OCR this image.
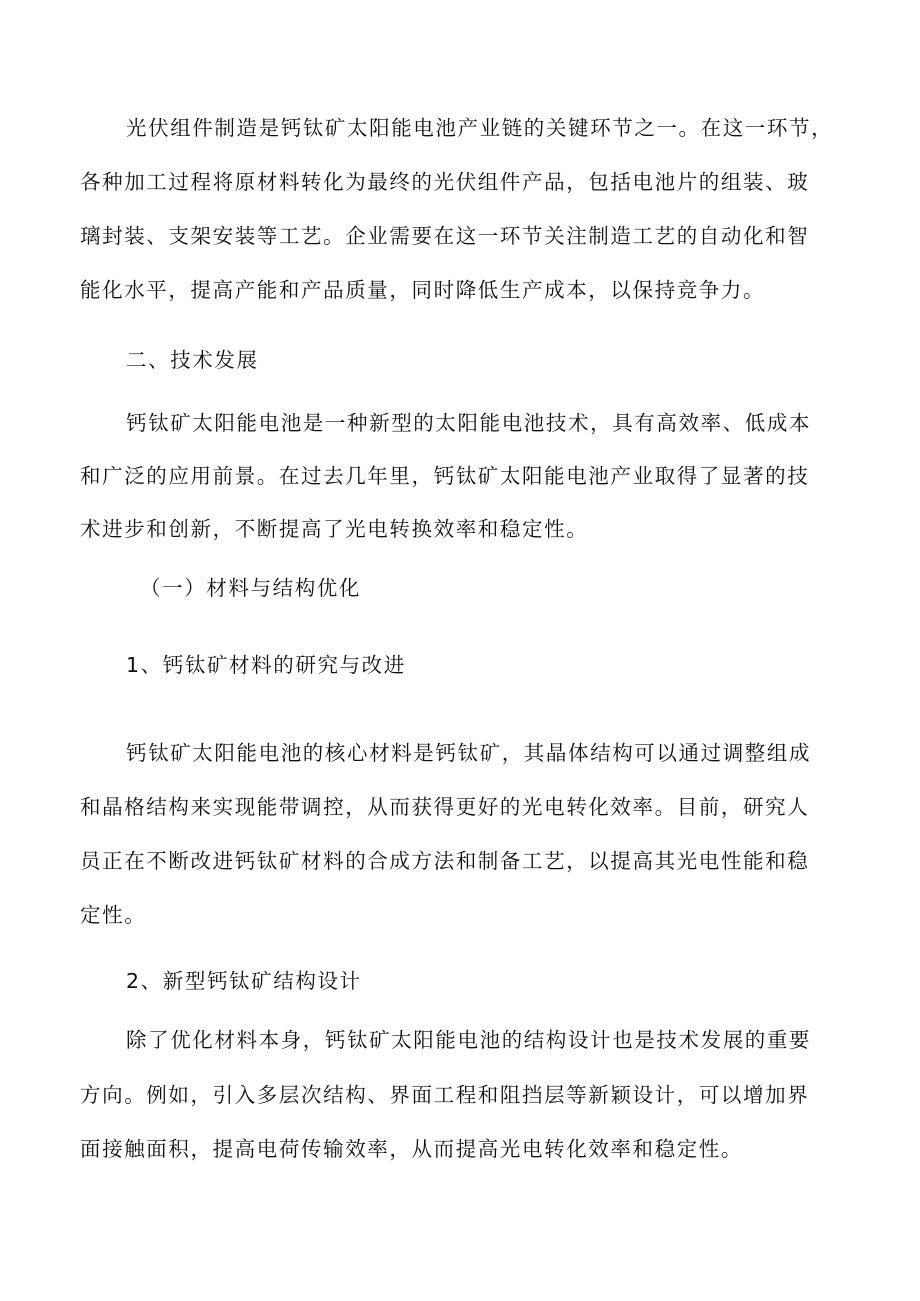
光伏组件制造是钙钛矿太阳能电池产业链的关键环节之一。在这一环节，
各种加工过程将原材料转化为最终的光伏组件产品，包括电池片的组装、玻
璃封装、支架安装等工艺。企业需要在这一环节关注制造工艺的自动化和智
能化水平，提高产能和产品质量，同时降低生产成本，以保持竞争力。
二、技术发展
钙钛矿太阳能电池是一种新型的太阳能电池技术，具有高效率、低成本
和广泛的应用前景。在过去几年里，钙钛矿太阳能电池产业取得了显著的技
术进步和创新，不断提高了光电转换效率和稳定性。
（一）材料与结构优化
1、钙钛矿材料的研究与改进
钙钛矿太阳能电池的核心材料是钙钛矿，其晶体结构可以通过调整组成
和晶格结构来实现能带调控，从而获得更好的光电转化效率。目前，研究人
员正在不断改进钙钛矿材料的合成方法和制备工艺，以提高其光电性能和稳
定性。
2、新型钙钛矿结构设计
除了优化材料本身，钙钛矿太阳能电池的结构设计也是技术发展的重要
方向。例如，引入多层次结构、界面工程和阻挡层等新颖设计，可以增加界
面接触面积，提高电荷传输效率，从而提高光电转化效率和稳定性。
